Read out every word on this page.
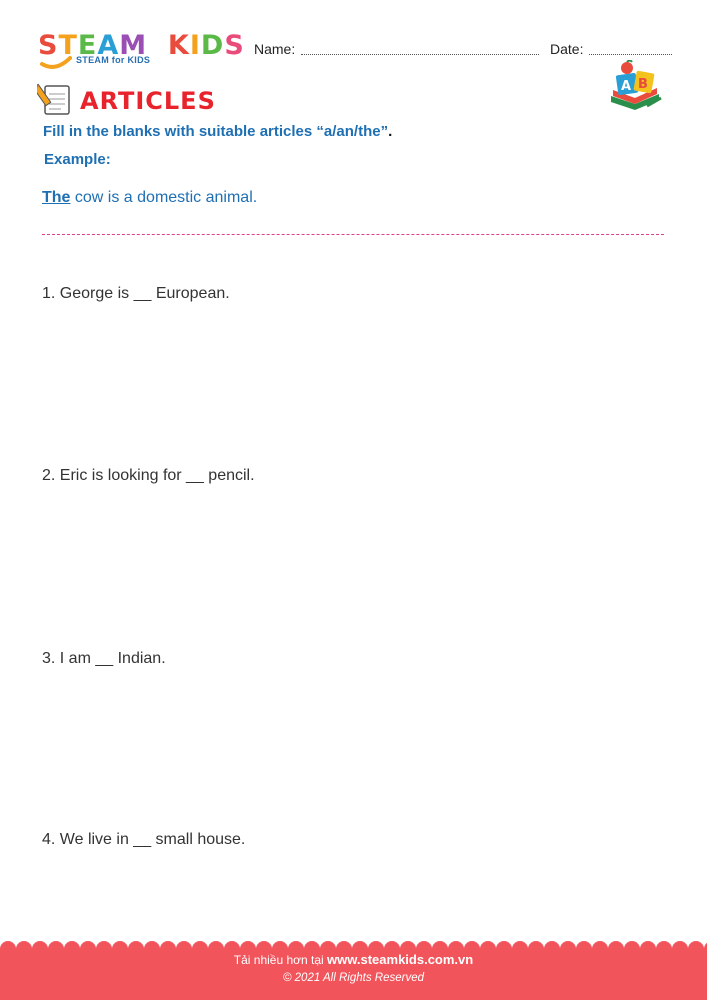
STEAM  KIDS
STEAM for KIDS
Name:	Date:
A B
ARTICLES
Fill in the blanks with suitable articles “a/an/the”.
Example:
The cow is a domestic animal.
1. George is __ European.
2. Eric is looking for __ pencil.
3. I am __ Indian.
4. We live in __ small house.
Tải nhiều hơn tại www.steamkids.com.vn
© 2021 All Rights Reserved
